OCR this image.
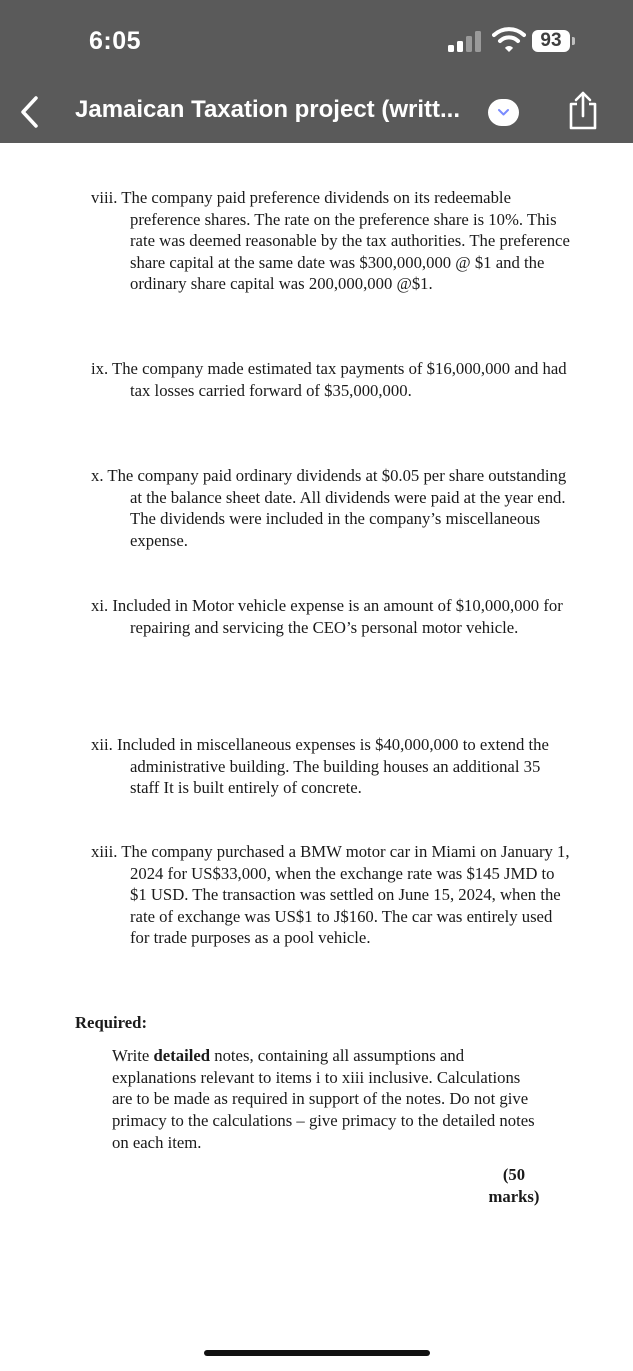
6:05	93
Jamaican Taxation project (writt...

viii. The company paid preference dividends on its redeemable preference shares. The rate on the preference share is 10%. This rate was deemed reasonable by the tax authorities. The preference share capital at the same date was $300,000,000 @ $1 and the ordinary share capital was 200,000,000 @$1.

ix. The company made estimated tax payments of $16,000,000 and had tax losses carried forward of $35,000,000.

x. The company paid ordinary dividends at $0.05 per share outstanding at the balance sheet date. All dividends were paid at the year end. The dividends were included in the company’s miscellaneous expense.

xi. Included in Motor vehicle expense is an amount of $10,000,000 for repairing and servicing the CEO’s personal motor vehicle.

xii. Included in miscellaneous expenses is $40,000,000 to extend the administrative building. The building houses an additional 35 staff It is built entirely of concrete.

xiii. The company purchased a BMW motor car in Miami on January 1, 2024 for US$33,000, when the exchange rate was $145 JMD to $1 USD. The transaction was settled on June 15, 2024, when the rate of exchange was US$1 to J$160. The car was entirely used for trade purposes as a pool vehicle.

Required:
Write detailed notes, containing all assumptions and explanations relevant to items i to xiii inclusive. Calculations are to be made as required in support of the notes. Do not give primacy to the calculations – give primacy to the detailed notes on each item.
(50
marks)
